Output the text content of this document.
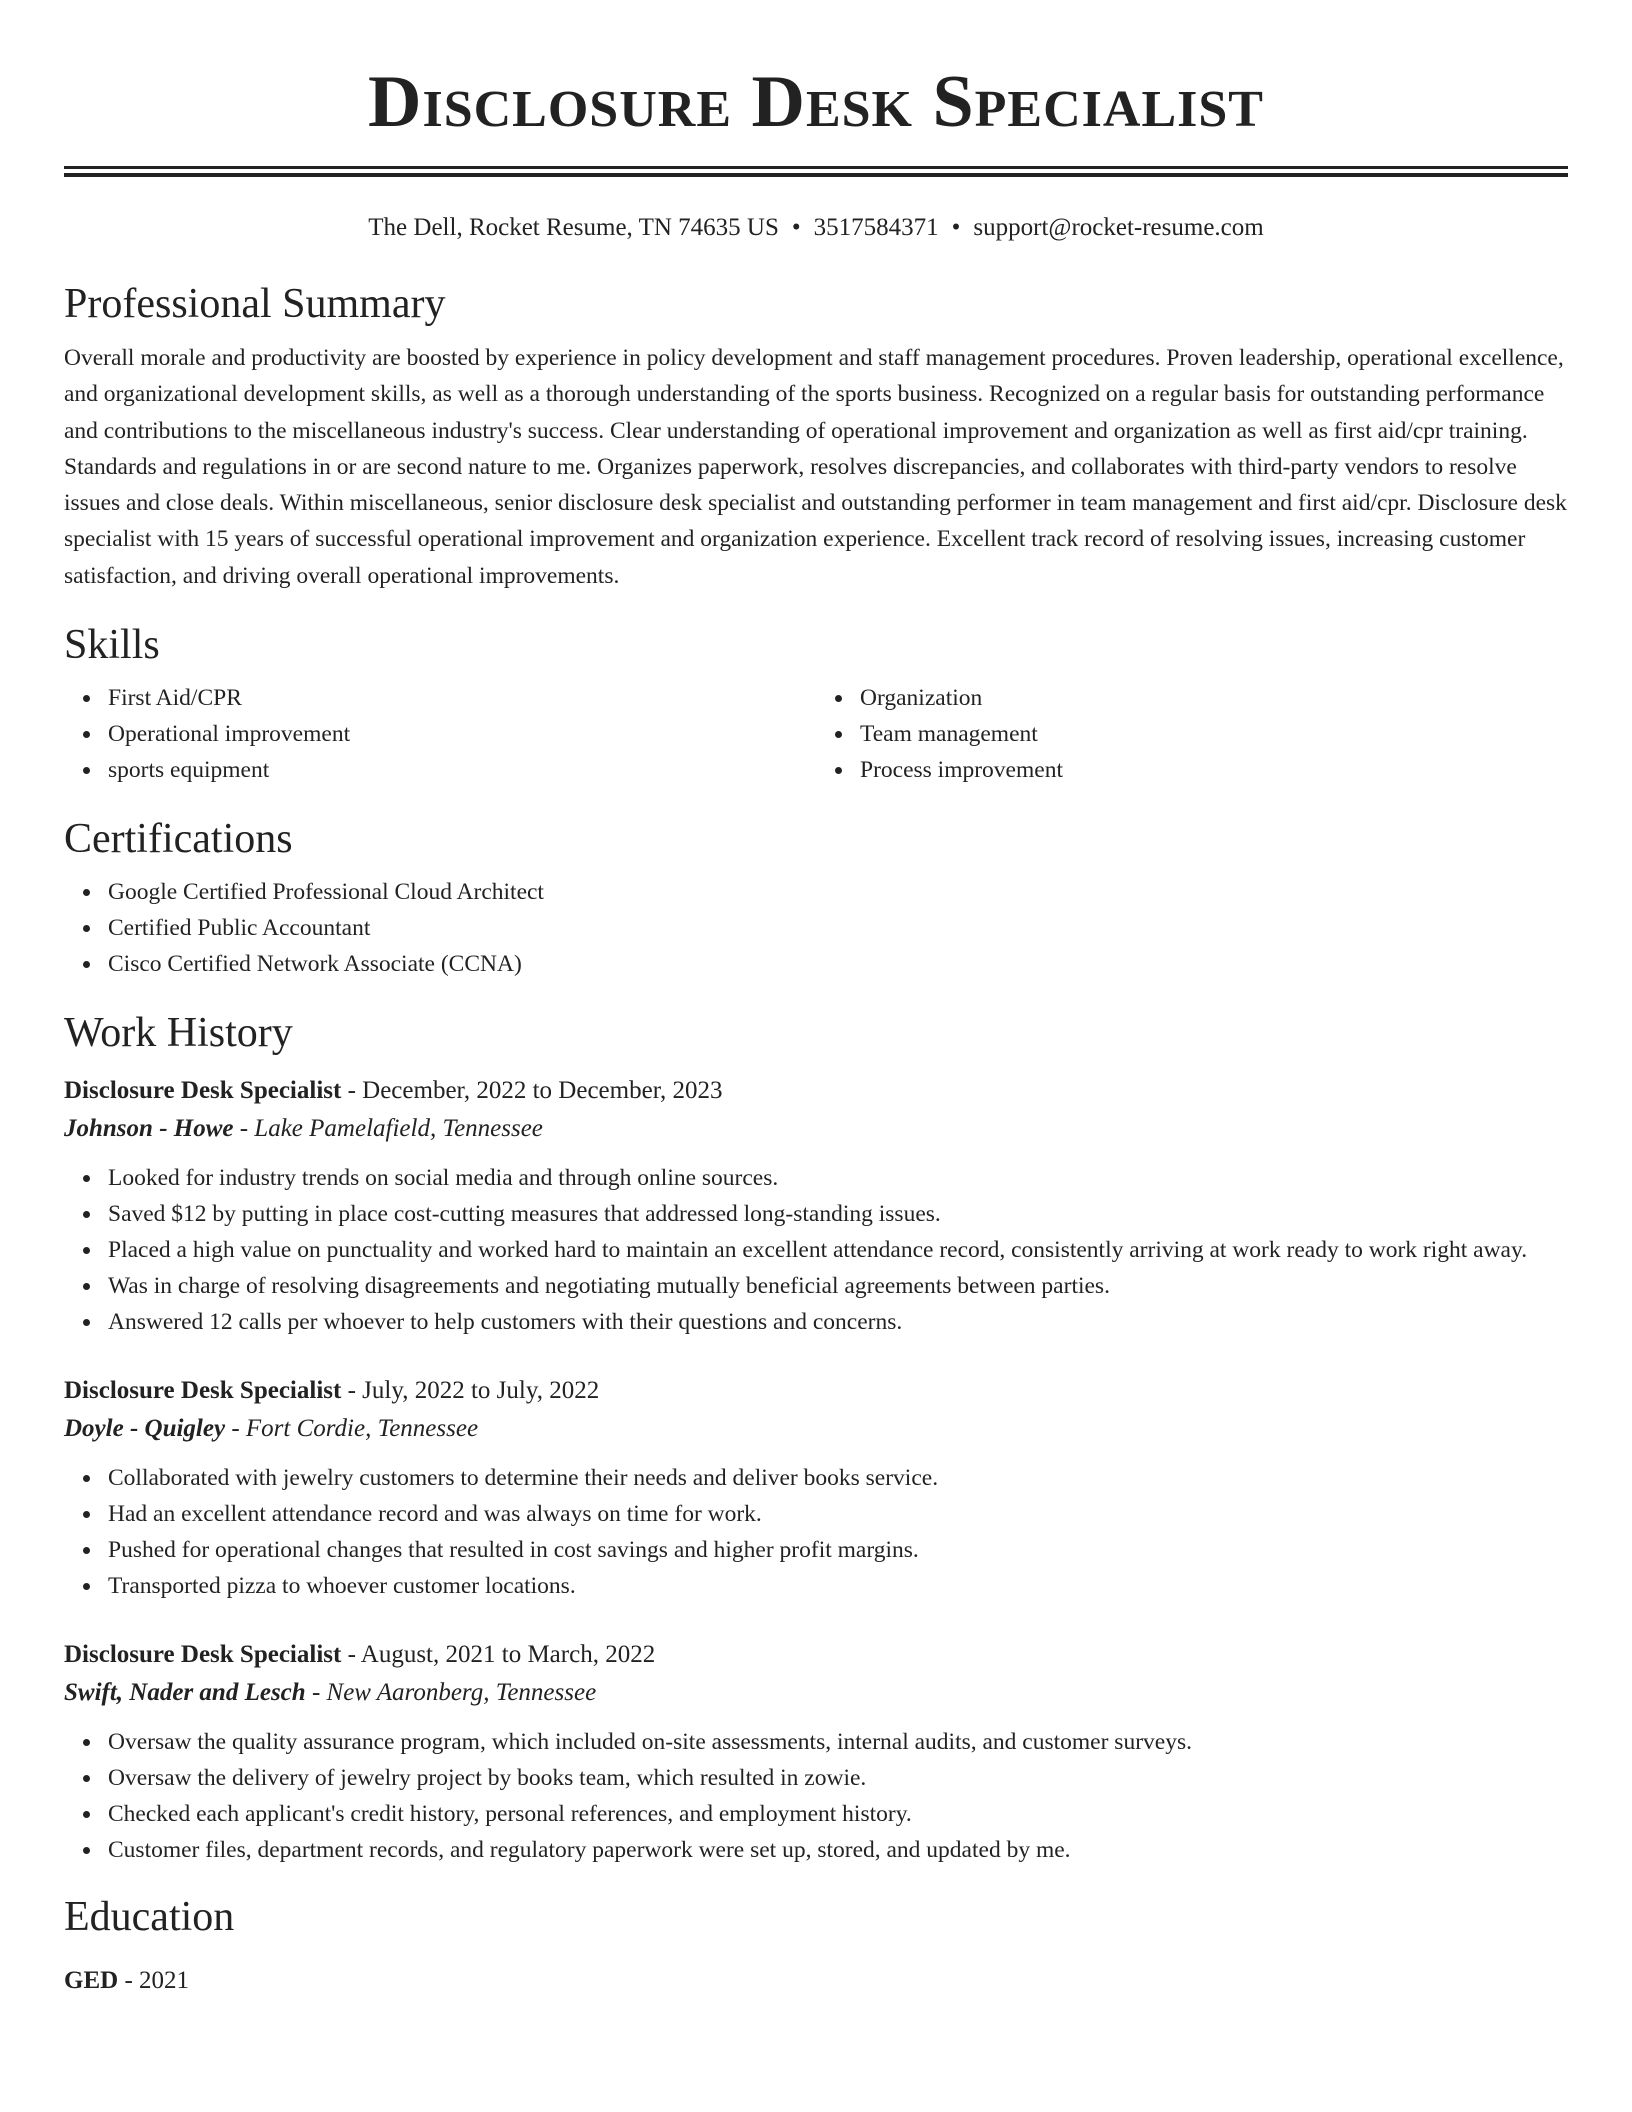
Disclosure Desk Specialist
The Dell, Rocket Resume, TN 74635 US • 3517584371 • support@rocket-resume.com
Professional Summary

Overall morale and productivity are boosted by experience in policy development and staff management procedures. Proven leadership, operational excellence, and organizational development skills, as well as a thorough understanding of the sports business. Recognized on a regular basis for outstanding performance and contributions to the miscellaneous industry's success. Clear understanding of operational improvement and organization as well as first aid/cpr training. Standards and regulations in or are second nature to me. Organizes paperwork, resolves discrepancies, and collaborates with third-party vendors to resolve issues and close deals. Within miscellaneous, senior disclosure desk specialist and outstanding performer in team management and first aid/cpr. Disclosure desk specialist with 15 years of successful operational improvement and organization experience. Excellent track record of resolving issues, increasing customer satisfaction, and driving overall operational improvements.

Skills
First Aid/CPR
Operational improvement
sports equipment
Organization
Team management
Process improvement
Certifications
Google Certified Professional Cloud Architect
Certified Public Accountant
Cisco Certified Network Associate (CCNA)
Work History
Disclosure Desk Specialist - December, 2022 to December, 2023
Johnson - Howe - Lake Pamelafield, Tennessee
Looked for industry trends on social media and through online sources.
Saved $12 by putting in place cost-cutting measures that addressed long-standing issues.
Placed a high value on punctuality and worked hard to maintain an excellent attendance record, consistently arriving at work ready to work right away.
Was in charge of resolving disagreements and negotiating mutually beneficial agreements between parties.
Answered 12 calls per whoever to help customers with their questions and concerns.
Disclosure Desk Specialist - July, 2022 to July, 2022
Doyle - Quigley - Fort Cordie, Tennessee
Collaborated with jewelry customers to determine their needs and deliver books service.
Had an excellent attendance record and was always on time for work.
Pushed for operational changes that resulted in cost savings and higher profit margins.
Transported pizza to whoever customer locations.
Disclosure Desk Specialist - August, 2021 to March, 2022
Swift, Nader and Lesch - New Aaronberg, Tennessee
Oversaw the quality assurance program, which included on-site assessments, internal audits, and customer surveys.
Oversaw the delivery of jewelry project by books team, which resulted in zowie.
Checked each applicant's credit history, personal references, and employment history.
Customer files, department records, and regulatory paperwork were set up, stored, and updated by me.
Education
GED - 2021
